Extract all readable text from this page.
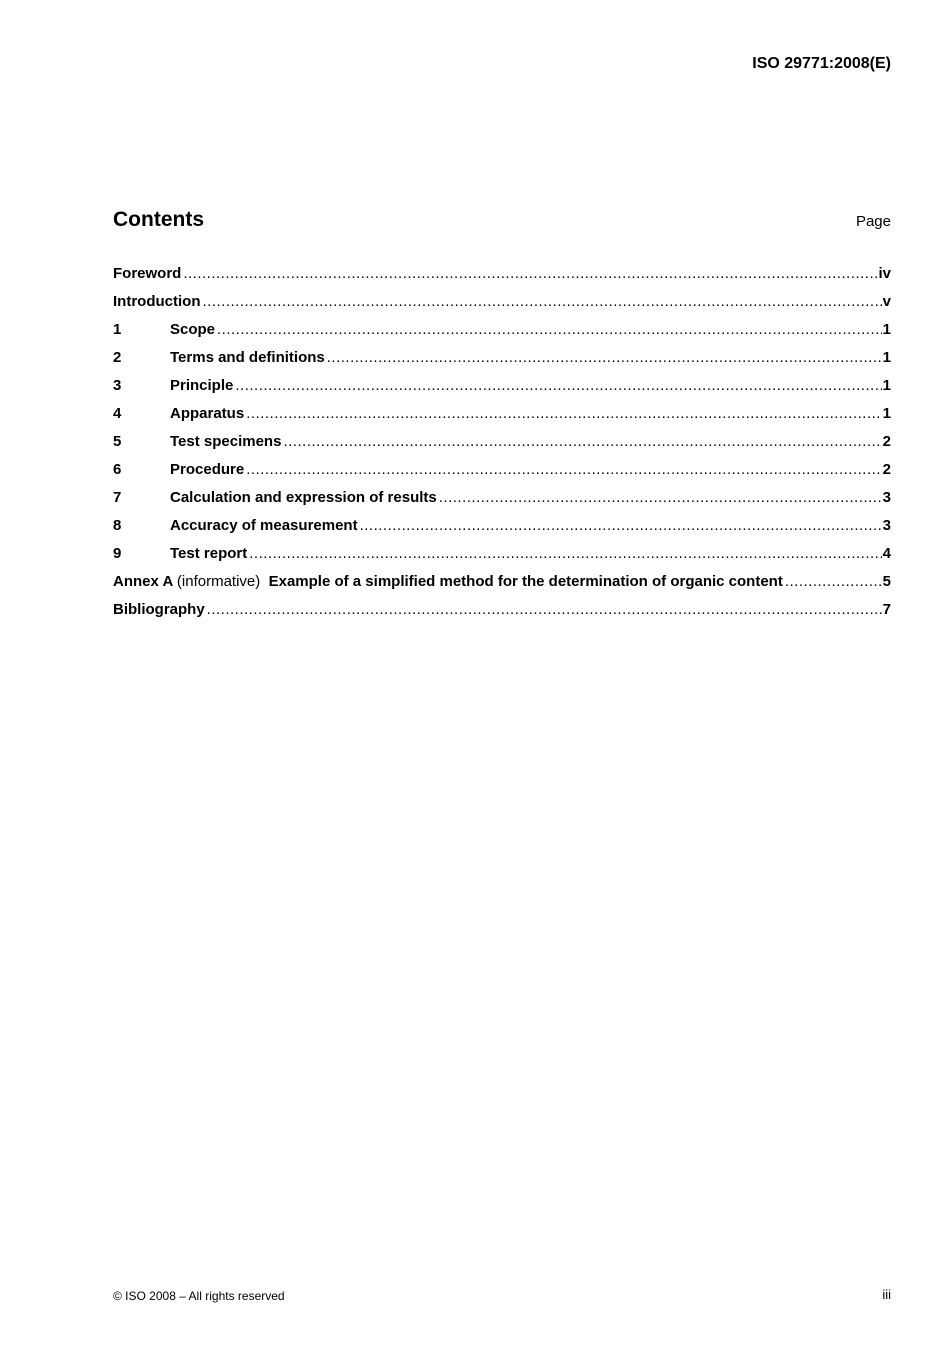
ISO 29771:2008(E)
Contents	Page
Foreword .....	iv
Introduction .....	v
1	Scope .....	1
2	Terms and definitions .....	1
3	Principle .....	1
4	Apparatus .....	1
5	Test specimens .....	2
6	Procedure .....	2
7	Calculation and expression of results .....	3
8	Accuracy of measurement .....	3
9	Test report .....	4
Annex A (informative) Example of a simplified method for the determination of organic content .....	5
Bibliography .....	7
© ISO 2008 – All rights reserved	iii
